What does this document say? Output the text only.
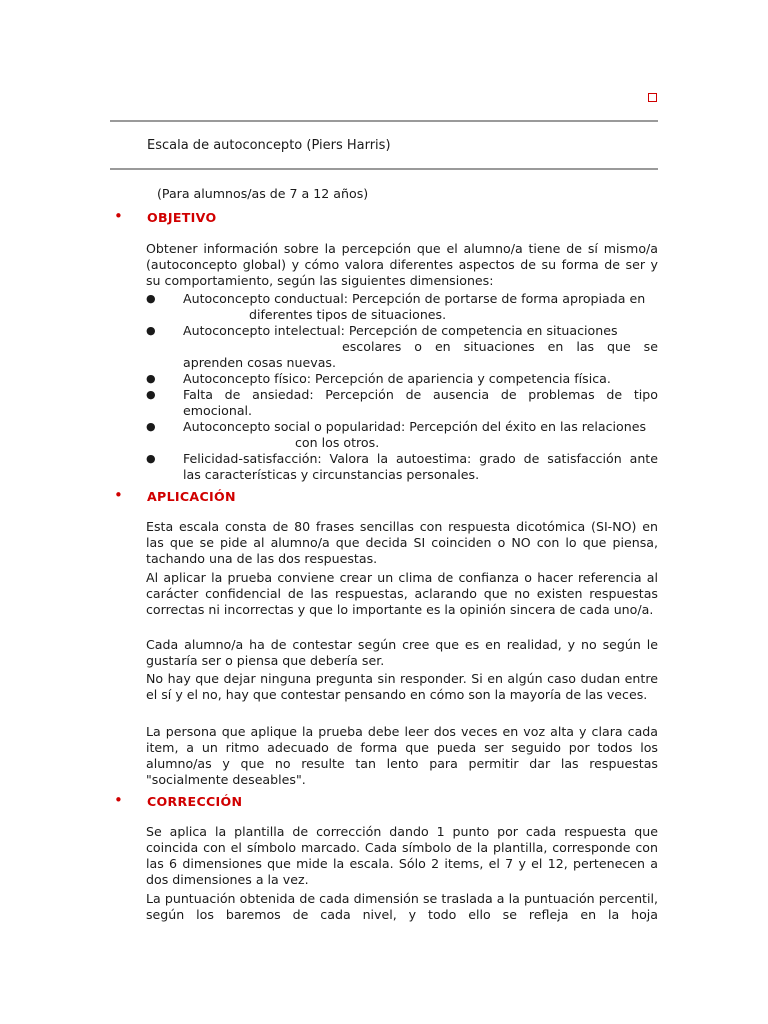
Escala de autoconcepto (Piers Harris)
(Para alumnos/as de 7 a 12 años)
• OBJETIVO

Obtener información sobre la percepción que el alumno/a tiene de sí mismo/a (autoconcepto global) y cómo valora diferentes aspectos de su forma de ser y su comportamiento, según las siguientes dimensiones:

● Autoconcepto conductual: Percepción de portarse de forma apropiada en
diferentes tipos de situaciones.
● Autoconcepto intelectual: Percepción de competencia en situaciones
escolares o en situaciones en las que se
aprenden cosas nuevas.
● Autoconcepto físico: Percepción de apariencia y competencia física.
● Falta de ansiedad: Percepción de ausencia de problemas de tipo
emocional.
● Autoconcepto social o popularidad: Percepción del éxito en las relaciones
con los otros.
● Felicidad-satisfacción: Valora la autoestima: grado de satisfacción ante
las características y circunstancias personales.
• APLICACIÓN

Esta escala consta de 80 frases sencillas con respuesta dicotómica (SI-NO) en las que se pide al alumno/a que decida SI coinciden o NO con lo que piensa, tachando una de las dos respuestas.

Al aplicar la prueba conviene crear un clima de confianza o hacer referencia al carácter confidencial de las respuestas, aclarando que no existen respuestas correctas ni incorrectas y que lo importante es la opinión sincera de cada uno/a.

Cada alumno/a ha de contestar según cree que es en realidad, y no según le gustaría ser o piensa que debería ser.

No hay que dejar ninguna pregunta sin responder. Si en algún caso dudan entre el sí y el no, hay que contestar pensando en cómo son la mayoría de las veces.

La persona que aplique la prueba debe leer dos veces en voz alta y clara cada item, a un ritmo adecuado de forma que pueda ser seguido por todos los alumno/as y que no resulte tan lento para permitir dar las respuestas "socialmente deseables".

• CORRECCIÓN

Se aplica la plantilla de corrección dando 1 punto por cada respuesta que coincida con el símbolo marcado. Cada símbolo de la plantilla, corresponde con las 6 dimensiones que mide la escala. Sólo 2 items, el 7 y el 12, pertenecen a dos dimensiones a la vez.

La puntuación obtenida de cada dimensión se traslada a la puntuación percentil, según los baremos de cada nivel, y todo ello se refleja en la hoja
